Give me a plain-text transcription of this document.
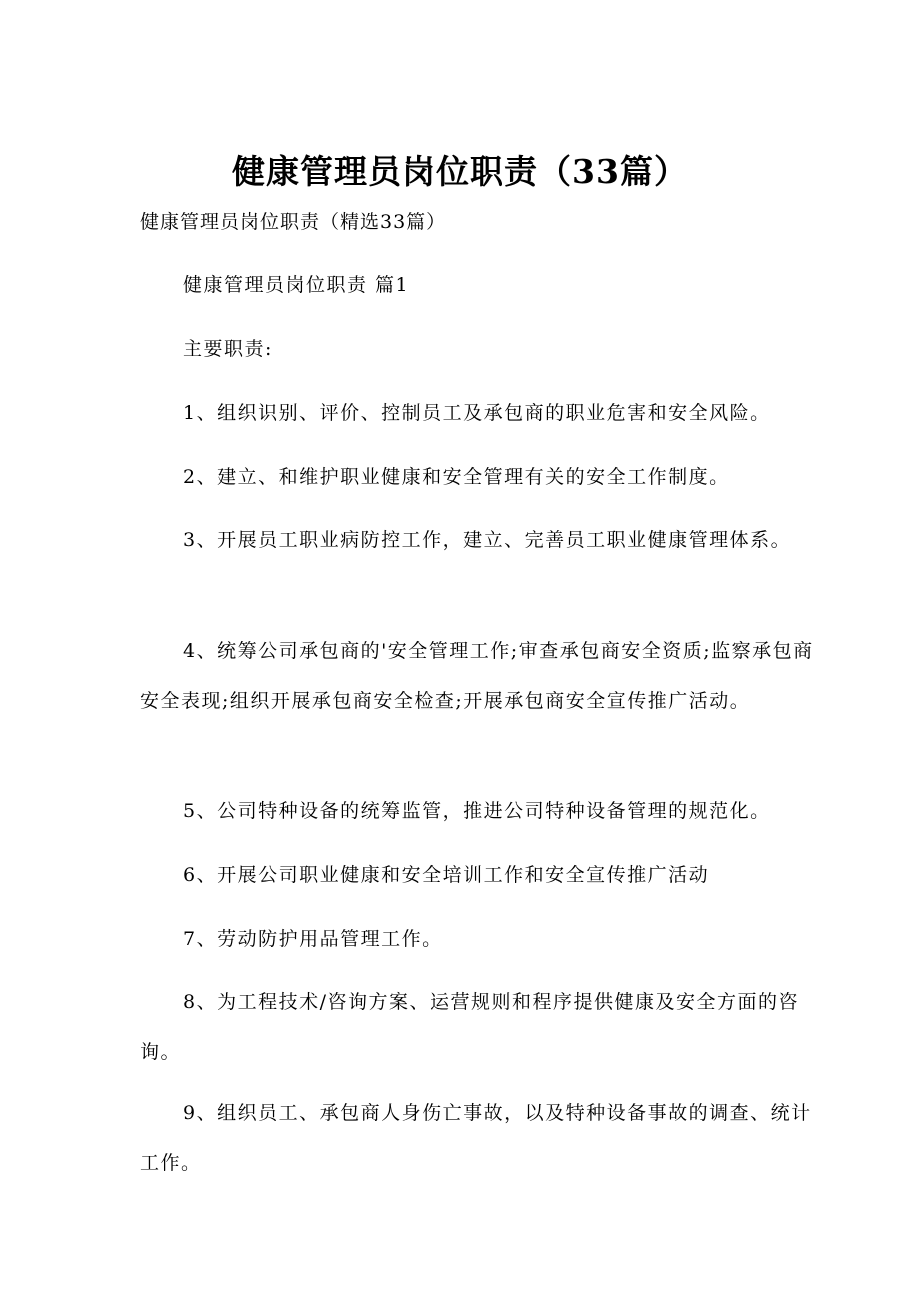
健康管理员岗位职责（33篇）

健康管理员岗位职责（精选33篇）

健康管理员岗位职责 篇1

主要职责:

1、组织识别、评价、控制员工及承包商的职业危害和安全风险。

2、建立、和维护职业健康和安全管理有关的安全工作制度。

3、开展员工职业病防控工作，建立、完善员工职业健康管理体系。

4、统筹公司承包商的'安全管理工作;审查承包商安全资质;监察承包商安全表现;组织开展承包商安全检查;开展承包商安全宣传推广活动。

5、公司特种设备的统筹监管，推进公司特种设备管理的规范化。

6、开展公司职业健康和安全培训工作和安全宣传推广活动

7、劳动防护用品管理工作。

8、为工程技术/咨询方案、运营规则和程序提供健康及安全方面的咨询。

9、组织员工、承包商人身伤亡事故，以及特种设备事故的调查、统计工作。
